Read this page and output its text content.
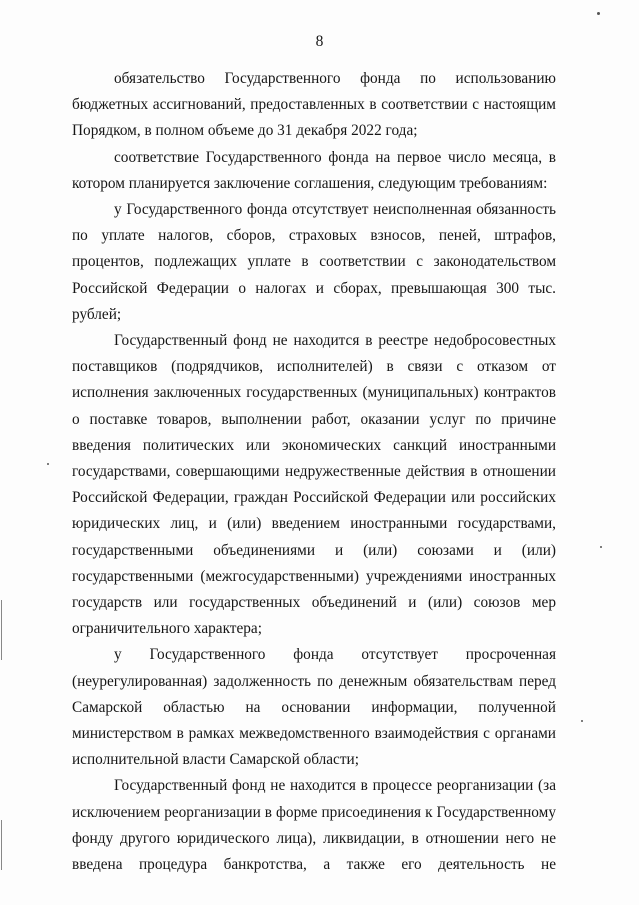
8

обязательство Государственного фонда по использованию бюджетных ассигнований, предоставленных в соответствии с настоящим Порядком, в полном объеме до 31 декабря 2022 года;

соответствие Государственного фонда на первое число месяца, в котором планируется заключение соглашения, следующим требованиям:

у Государственного фонда отсутствует неисполненная обязанность по уплате налогов, сборов, страховых взносов, пеней, штрафов, процентов, подлежащих уплате в соответствии с законодательством Российской Федерации о налогах и сборах, превышающая 300 тыс. рублей;

Государственный фонд не находится в реестре недобросовестных поставщиков (подрядчиков, исполнителей) в связи с отказом от исполнения заключенных государственных (муниципальных) контрактов о поставке товаров, выполнении работ, оказании услуг по причине введения политических или экономических санкций иностранными государствами, совершающими недружественные действия в отношении Российской Федерации, граждан Российской Федерации или российских юридических лиц, и (или) введением иностранными государствами, государственными объединениями и (или) союзами и (или) государственными (межгосударственными) учреждениями иностранных государств или государственных объединений и (или) союзов мер ограничительного характера;

у Государственного фонда отсутствует просроченная (неурегулированная) задолженность по денежным обязательствам перед Самарской областью на основании информации, полученной министерством в рамках межведомственного взаимодействия с органами исполнительной власти Самарской области;

Государственный фонд не находится в процессе реорганизации (за исключением реорганизации в форме присоединения к Государственному фонду другого юридического лица), ликвидации, в отношении него не введена процедура банкротства, а также его деятельность не
